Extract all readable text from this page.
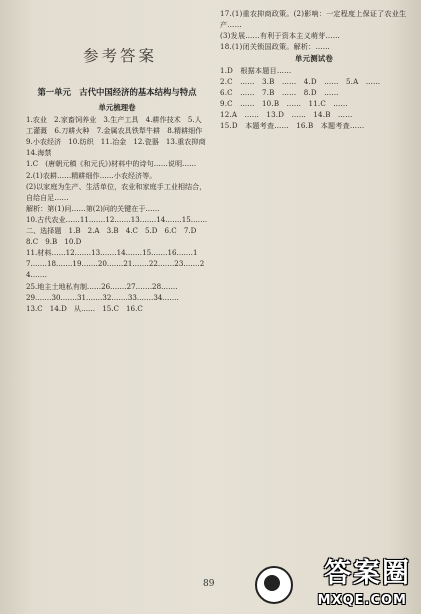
参考答案
第一单元　古代中国经济的基本结构与特点
单元梳理卷

1.农业　2.家畜饲养业　3.生产工具　4.耕作技术　5.人工灌溉　6.刀耕火种　7.金属农具铁犁牛耕　8.精耕细作　9.小农经济　10.纺织　11.冶金　12.瓷器　13.重农抑商　14.海禁

1.C　(唐朝元稹《和元氏》)材料中的诗句……说明……

2.(1)农耕……精耕细作……小农经济等。

(2)以家庭为生产、生活单位，农业和家庭手工业相结合，自给自足……

解析：第(1)问……第(2)问的关键在于……

10.古代农业……11.……12.……13.……14.……15.……

二、选择题　1.B　2.A　3.B　4.C　5.D　6.C　7.D　8.C　9.B　10.D

11.材料……12.……13.……14.……15.……16.……17.……18.……19.……20.……21.……22.……23.……24.……

25.地主土地私有制……26.……27.……28.……

29.……30.……31.……32.……33.……34.……

13.C　14.D　从……　15.C　16.C

17.(1)重农抑商政策。(2)影响：一定程度上保证了农业生产……

(3)发展……有利于资本主义萌芽……

18.(1)闭关锁国政策。解析：……

单元测试卷

1.D　根据本题目……

2.C　……　3.B　……　4.D　……　5.A　……

6.C　……　7.B　……　8.D　……

9.C　……　10.B　……　11.C　……

12.A　……　13.D　……　14.B　……

15.D　本题考查……　16.B　本题考查……

89	答案圈
MXQE.COM
